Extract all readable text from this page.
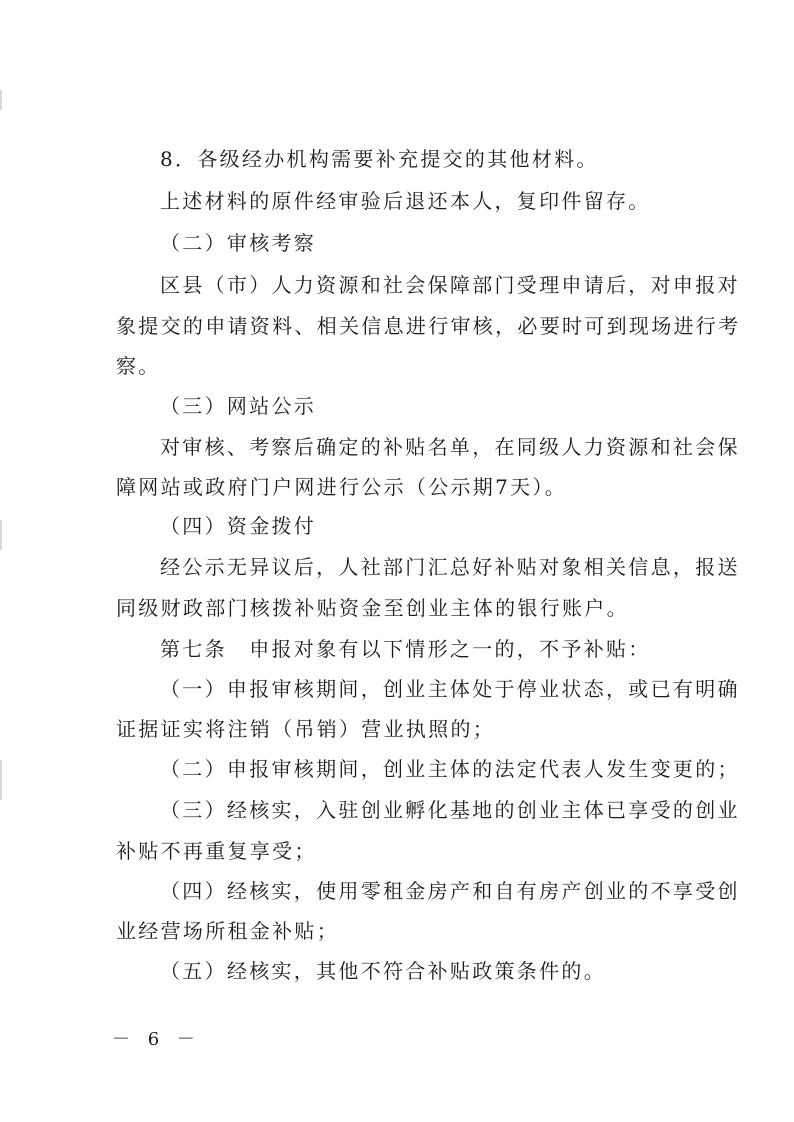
8．各级经办机构需要补充提交的其他材料。
上述材料的原件经审验后退还本人，复印件留存。
（二）审核考察
区县（市）人力资源和社会保障部门受理申请后，对申报对
象提交的申请资料、相关信息进行审核，必要时可到现场进行考
察。
（三）网站公示
对审核、考察后确定的补贴名单，在同级人力资源和社会保
障网站或政府门户网进行公示（公示期7天）。
（四）资金拨付
经公示无异议后，人社部门汇总好补贴对象相关信息，报送
同级财政部门核拨补贴资金至创业主体的银行账户。
第七条　申报对象有以下情形之一的，不予补贴：
（一）申报审核期间，创业主体处于停业状态，或已有明确
证据证实将注销（吊销）营业执照的；
（二）申报审核期间，创业主体的法定代表人发生变更的；
（三）经核实，入驻创业孵化基地的创业主体已享受的创业
补贴不再重复享受；
（四）经核实，使用零租金房产和自有房产创业的不享受创
业经营场所租金补贴；
（五）经核实，其他不符合补贴政策条件的。
－ 6 －
